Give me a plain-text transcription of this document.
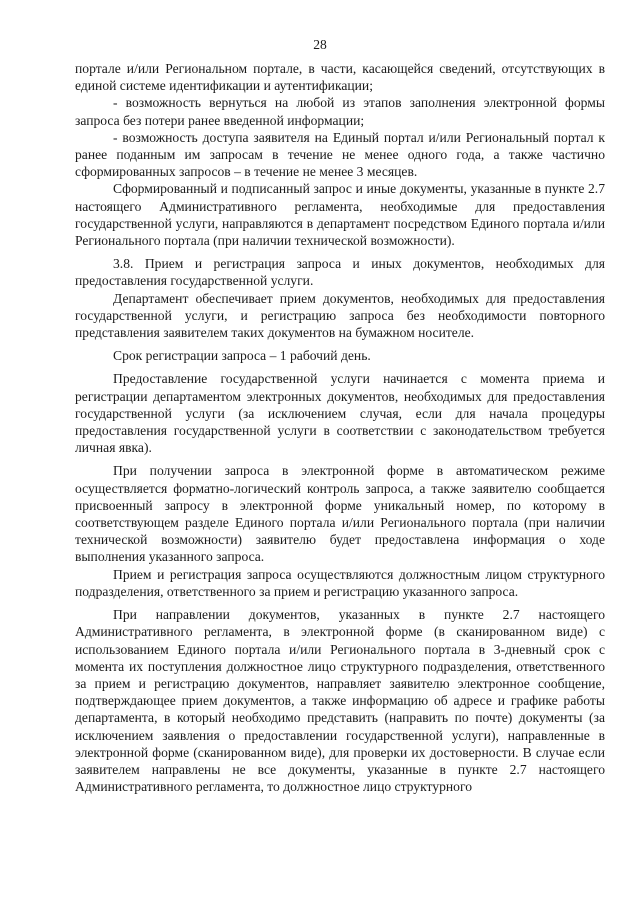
28

порталe и/или Региональном портале, в части, касающейся сведений, отсутствующих в единой системе идентификации и аутентификации;

- возможность вернуться на любой из этапов заполнения электронной формы запроса без потери ранее введенной информации;

- возможность доступа заявителя на Единый портал и/или Региональный портал к ранее поданным им запросам в течение не менее одного года, а также частично сформированных запросов – в течение не менее 3 месяцев.

Сформированный и подписанный запрос и иные документы, указанные в пункте 2.7 настоящего Административного регламента, необходимые для предоставления государственной услуги, направляются в департамент посредством Единого портала и/или Регионального портала (при наличии технической возможности).

3.8. Прием и регистрация запроса и иных документов, необходимых для предоставления государственной услуги.

Департамент обеспечивает прием документов, необходимых для предоставления государственной услуги, и регистрацию запроса без необходимости повторного представления заявителем таких документов на бумажном носителе.

Срок регистрации запроса – 1 рабочий день.

Предоставление государственной услуги начинается с момента приема и регистрации департаментом электронных документов, необходимых для предоставления государственной услуги (за исключением случая, если для начала процедуры предоставления государственной услуги в соответствии с законодательством требуется личная явка).

При получении запроса в электронной форме в автоматическом режиме осуществляется форматно-логический контроль запроса, а также заявителю сообщается присвоенный запросу в электронной форме уникальный номер, по которому в соответствующем разделе Единого портала и/или Регионального портала (при наличии технической возможности) заявителю будет предоставлена информация о ходе выполнения указанного запроса.

Прием и регистрация запроса осуществляются должностным лицом структурного подразделения, ответственного за прием и регистрацию указанного запроса.

При направлении документов, указанных в пункте 2.7 настоящего Административного регламента, в электронной форме (в сканированном виде) с использованием Единого портала и/или Регионального портала в 3-дневный срок с момента их поступления должностное лицо структурного подразделения, ответственного за прием и регистрацию документов, направляет заявителю электронное сообщение, подтверждающее прием документов, а также информацию об адресе и графике работы департамента, в который необходимо представить (направить по почте) документы (за исключением заявления о предоставлении государственной услуги), направленные в электронной форме (сканированном виде), для проверки их достоверности. В случае если заявителем направлены не все документы, указанные в пункте 2.7 настоящего Административного регламента, то должностное лицо структурного
